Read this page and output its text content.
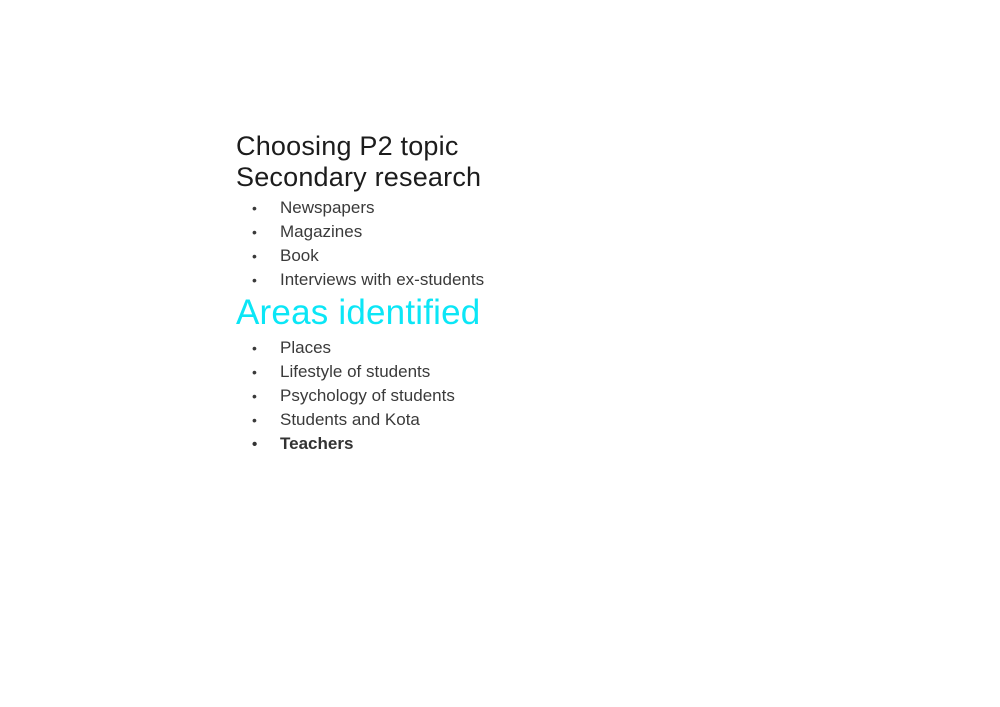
Choosing P2 topic

Secondary research

•	Newspapers
•	Magazines
•	Book
•	Interviews with ex-students

Areas identified

•	Places
•	Lifestyle of students
•	Psychology of students
•	Students and Kota
•	Teachers
